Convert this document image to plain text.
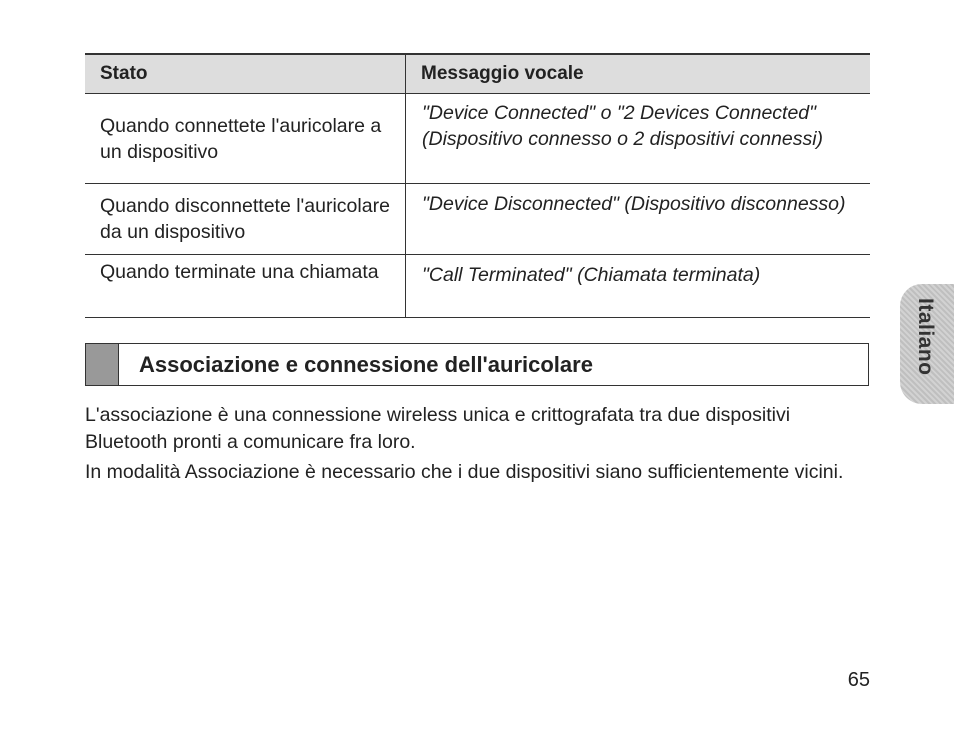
Stato	Messaggio vocale
Quando connettete l'auricolare a un dispositivo	"Device Connected" o "2 Devices Connected" (Dispositivo connesso o 2 dispositivi connessi)
Quando disconnettete l'auricolare da un dispositivo	"Device Disconnected" (Dispositivo disconnesso)
Quando terminate una chiamata	"Call Terminated" (Chiamata terminata)
Associazione e connessione dell'auricolare

L'associazione è una connessione wireless unica e crittografata tra due dispositivi Bluetooth pronti a comunicare fra loro.

In modalità Associazione è necessario che i due dispositivi siano sufficientemente vicini.

Italiano
65
